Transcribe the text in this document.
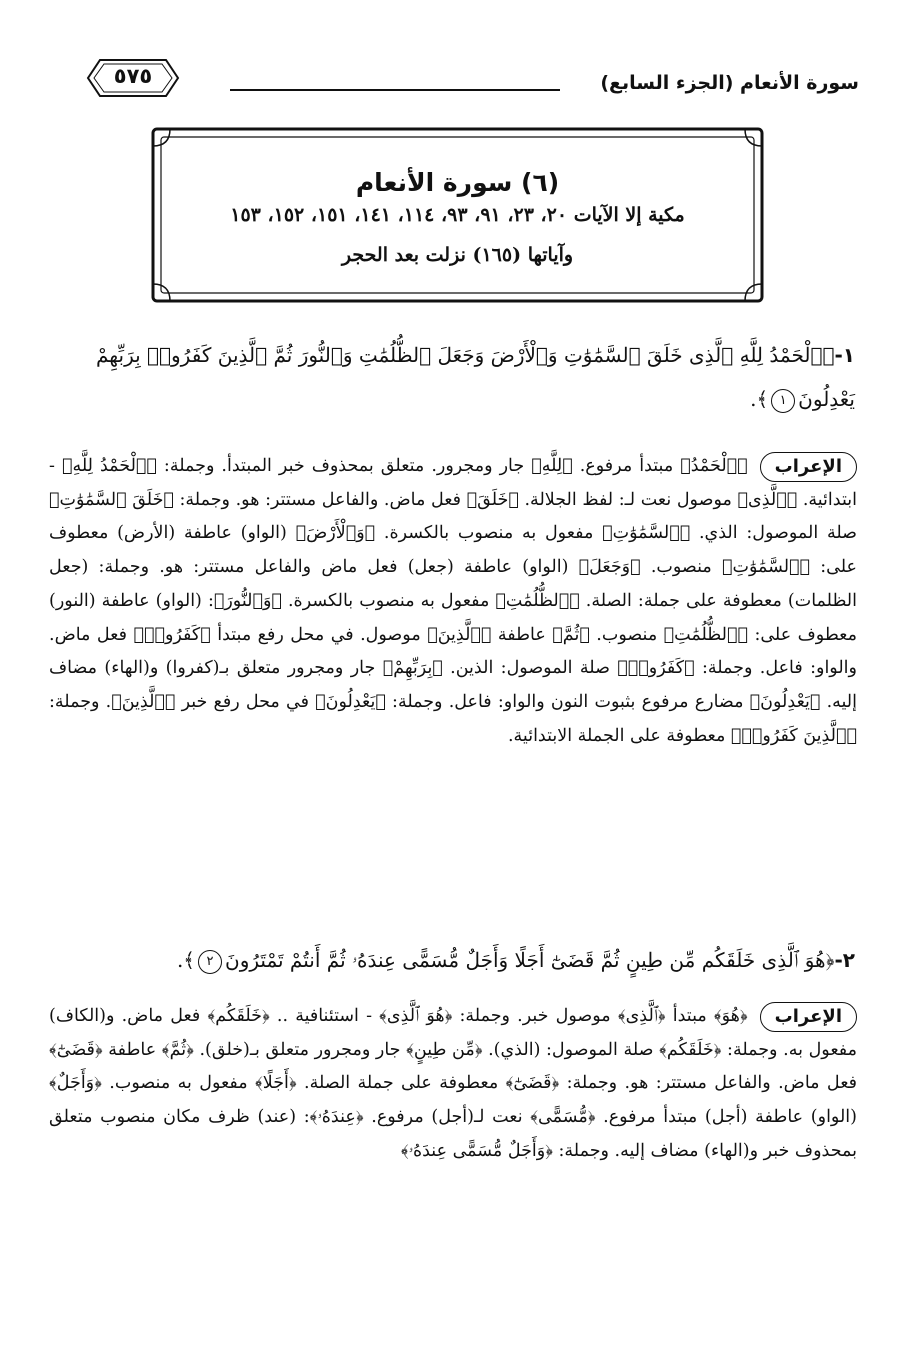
سورة الأنعام (الجزء السابع)
٥٧٥
(٦) سورة الأنعام
مكية إلا الآيات ٢٠، ٢٣، ٩١، ٩٣، ١١٤، ١٤١، ١٥١، ١٥٢، ١٥٣
وآياتها (١٦٥) نزلت بعد الحجر
١-﴿ٱلْحَمْدُ لِلَّهِ ٱلَّذِى خَلَقَ ٱلسَّمَٰوَٰتِ وَٱلْأَرْضَ وَجَعَلَ ٱلظُّلُمَٰتِ وَٱلنُّورَ ثُمَّ ٱلَّذِينَ كَفَرُوا۟ بِرَبِّهِمْ يَعْدِلُونَ١﴾.
الإعراب
﴿ٱلْحَمْدُ﴾ مبتدأ مرفوع. ﴿لِلَّهِ﴾ جار ومجرور. متعلق بمحذوف خبر المبتدأ. وجملة: ﴿ٱلْحَمْدُ لِلَّهِ﴾ - ابتدائية. ﴿ٱلَّذِى﴾ موصول نعت لـ: لفظ الجلالة. ﴿خَلَقَ﴾ فعل ماض. والفاعل مستتر: هو. وجملة: ﴿خَلَقَ ٱلسَّمَٰوَٰتِ﴾ صلة الموصول: الذي. ﴿ٱلسَّمَٰوَٰتِ﴾ مفعول به منصوب بالكسرة. ﴿وَٱلْأَرْضَ﴾ (الواو) عاطفة (الأرض) معطوف على: ﴿ٱلسَّمَٰوَٰتِ﴾ منصوب. ﴿وَجَعَلَ﴾ (الواو) عاطفة (جعل) فعل ماض والفاعل مستتر: هو. وجملة: (جعل الظلمات) معطوفة على جملة: الصلة. ﴿ٱلظُّلُمَٰتِ﴾ مفعول به منصوب بالكسرة. ﴿وَٱلنُّورَ﴾: (الواو) عاطفة (النور) معطوف على: ﴿ٱلظُّلُمَٰتِ﴾ منصوب. ﴿ثُمَّ﴾ عاطفة ﴿ٱلَّذِينَ﴾ موصول. في محل رفع مبتدأ ﴿كَفَرُوا۟﴾ فعل ماض. والواو: فاعل. وجملة: ﴿كَفَرُوا۟﴾ صلة الموصول: الذين. ﴿بِرَبِّهِمْ﴾ جار ومجرور متعلق بـ(كفروا) و(الهاء) مضاف إليه. ﴿يَعْدِلُونَ﴾ مضارع مرفوع بثبوت النون والواو: فاعل. وجملة: ﴿يَعْدِلُونَ﴾ في محل رفع خبر ﴿ٱلَّذِينَ﴾. وجملة: ﴿ٱلَّذِينَ كَفَرُوا۟﴾ معطوفة على الجملة الابتدائية.
٢-﴿هُوَ ٱلَّذِى خَلَقَكُم مِّن طِينٍ ثُمَّ قَضَىٰٓ أَجَلًا وَأَجَلٌ مُّسَمًّى عِندَهُۥ ثُمَّ أَنتُمْ تَمْتَرُونَ٢﴾.
الإعراب
﴿هُوَ﴾ مبتدأ ﴿ٱلَّذِى﴾ موصول خبر. وجملة: ﴿هُوَ ٱلَّذِى﴾ - استئنافية .. ﴿خَلَقَكُم﴾ فعل ماض. و(الكاف) مفعول به. وجملة: ﴿خَلَقَكُم﴾ صلة الموصول: (الذي). ﴿مِّن طِينٍ﴾ جار ومجرور متعلق بـ(خلق). ﴿ثُمَّ﴾ عاطفة ﴿قَضَىٰٓ﴾ فعل ماض. والفاعل مستتر: هو. وجملة: ﴿قَضَىٰٓ﴾ معطوفة على جملة الصلة. ﴿أَجَلًا﴾ مفعول به منصوب. ﴿وَأَجَلٌ﴾ (الواو) عاطفة (أجل) مبتدأ مرفوع. ﴿مُّسَمًّى﴾ نعت لـ(أجل) مرفوع. ﴿عِندَهُۥ﴾: (عند) ظرف مكان منصوب متعلق بمحذوف خبر و(الهاء) مضاف إليه. وجملة: ﴿وَأَجَلٌ مُّسَمًّى عِندَهُۥ﴾
